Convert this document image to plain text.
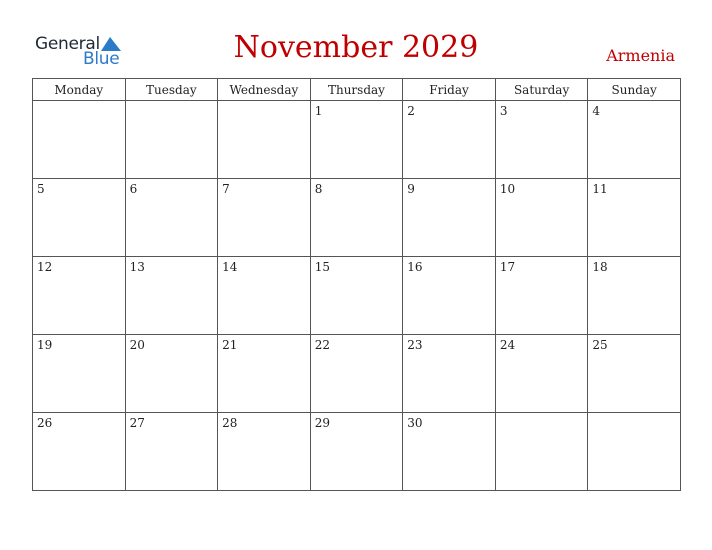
General
Blue	November 2029	Armenia
Monday	Tuesday	Wednesday	Thursday	Friday	Saturday	Sunday

			1	2	3	4

5	6	7	8	9	10	11

12	13	14	15	16	17	18

19	20	21	22	23	24	25

26	27	28	29	30		
